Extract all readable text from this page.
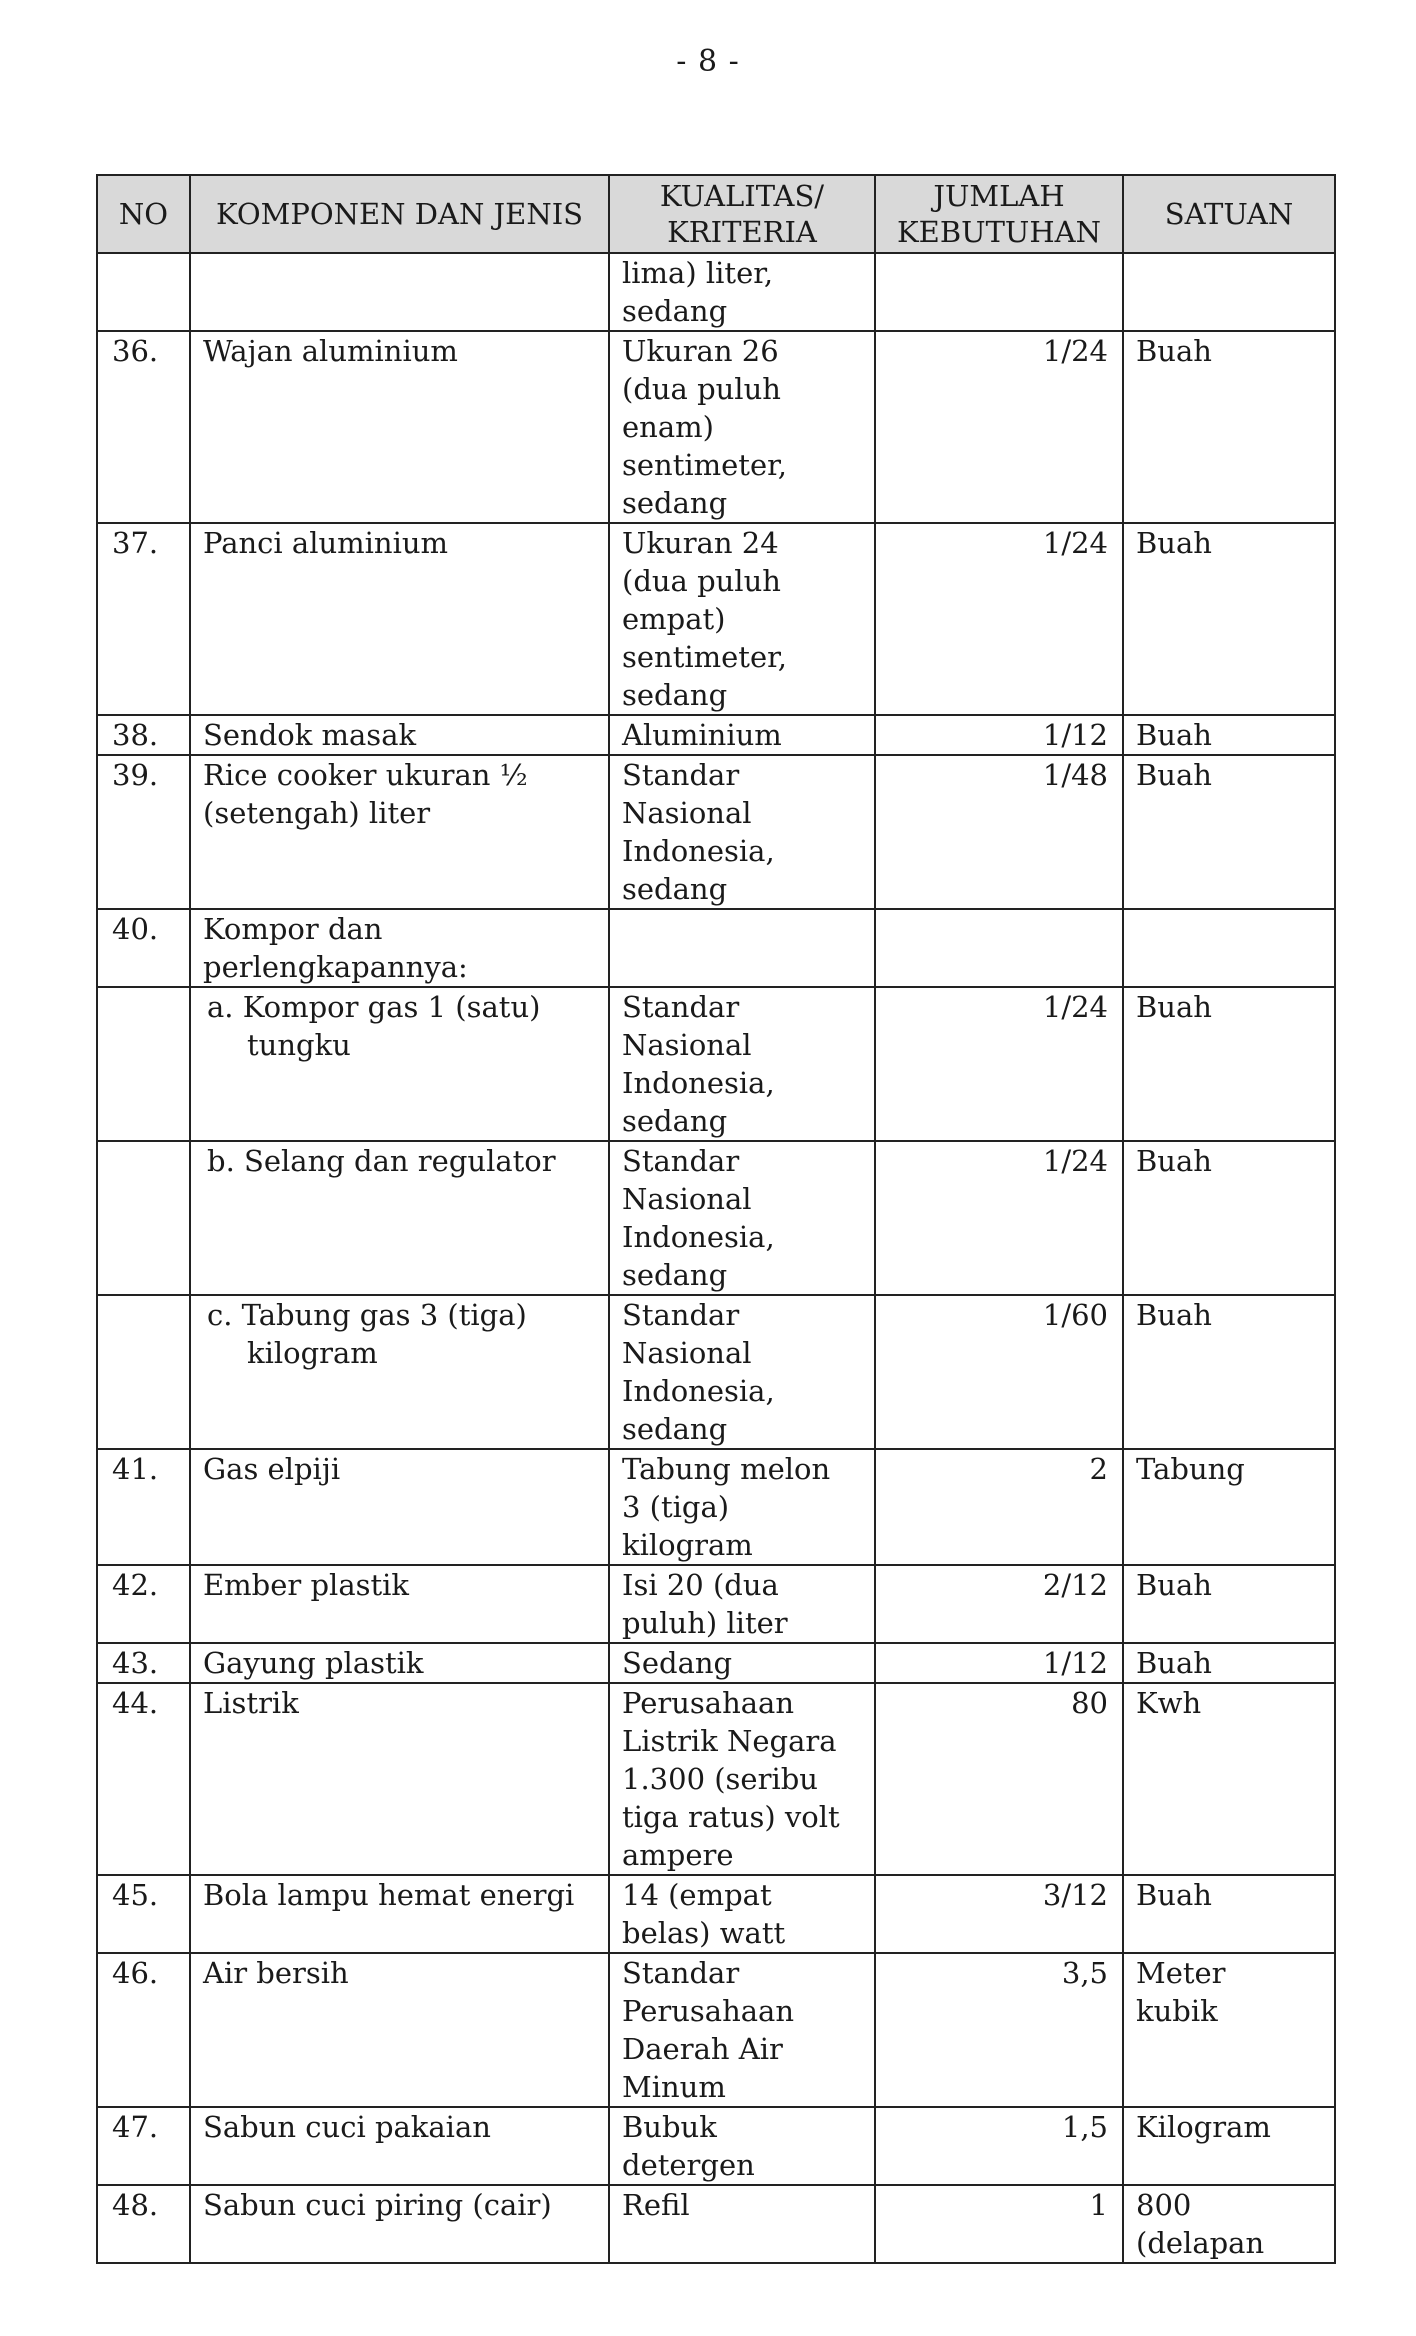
- 8 -
NO	KOMPONEN DAN JENIS	KUALITAS/ KRITERIA	JUMLAH KEBUTUHAN	SATUAN
		lima) liter,
sedang		
36.	Wajan aluminium	Ukuran 26
(dua puluh
enam)
sentimeter,
sedang	1/24	Buah
37.	Panci aluminium	Ukuran 24
(dua puluh
empat)
sentimeter,
sedang	1/24	Buah
38.	Sendok masak	Aluminium	1/12	Buah
39.	Rice cooker ukuran ½ (setengah) liter	Standar
Nasional
Indonesia,
sedang	1/48	Buah
40.	Kompor dan perlengkapannya:			

	a. Kompor gas 1 (satu) tungku	Standar
Nasional
Indonesia,
sedang	1/24	Buah

	b. Selang dan regulator	Standar
Nasional
Indonesia,
sedang	1/24	Buah

	c. Tabung gas 3 (tiga) kilogram	Standar
Nasional
Indonesia,
sedang	1/60	Buah
41.	Gas elpiji	Tabung melon
3 (tiga)
kilogram	2	Tabung
42.	Ember plastik	Isi 20 (dua
puluh) liter	2/12	Buah
43.	Gayung plastik	Sedang	1/12	Buah
44.	Listrik	Perusahaan
Listrik Negara
1.300 (seribu
tiga ratus) volt
ampere	80	Kwh
45.	Bola lampu hemat energi	14 (empat
belas) watt	3/12	Buah
46.	Air bersih	Standar
Perusahaan
Daerah Air
Minum	3,5	Meter
kubik
47.	Sabun cuci pakaian	Bubuk
detergen	1,5	Kilogram
48.	Sabun cuci piring (cair)	Refil	1	800
(delapan
